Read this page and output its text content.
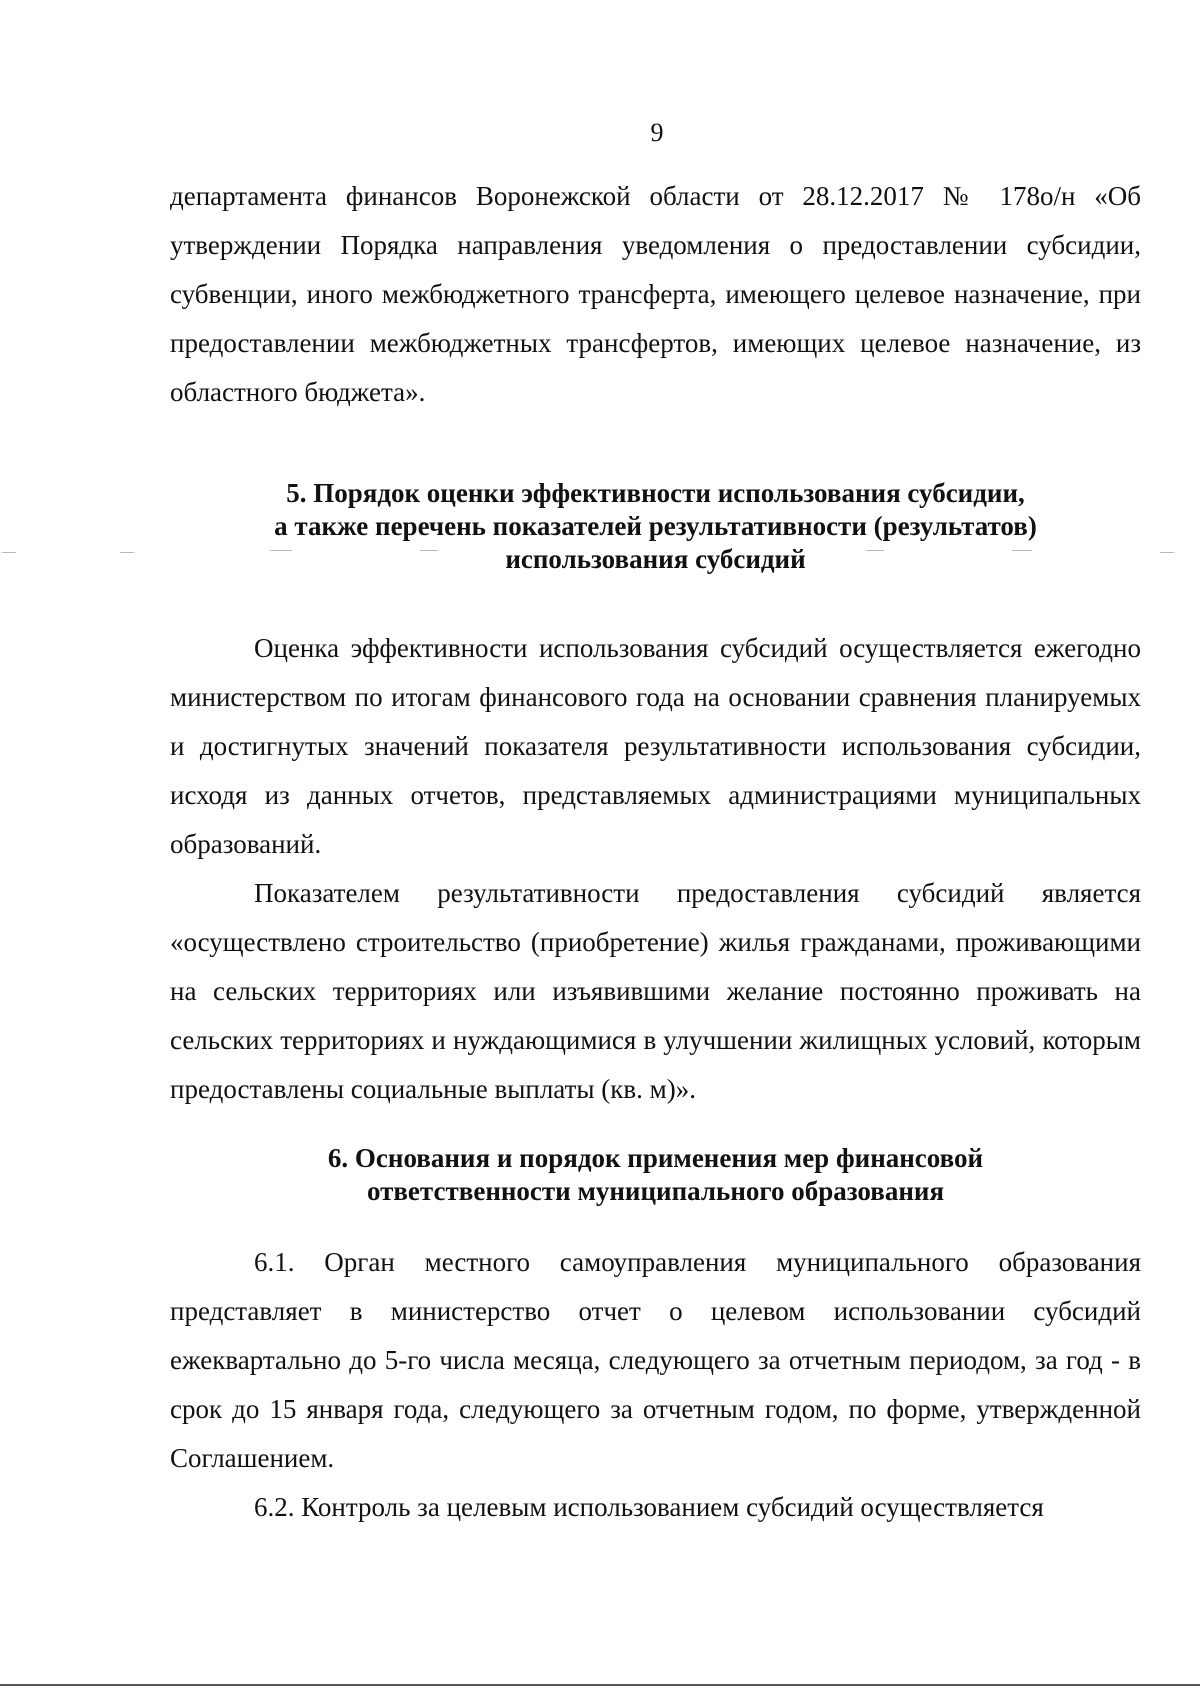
9

департамента финансов Воронежской области от 28.12.2017 № 178о/н «Об утверждении Порядка направления уведомления о предоставлении субсидии, субвенции, иного межбюджетного трансферта, имеющего целевое назначение, при предоставлении межбюджетных трансфертов, имеющих целевое назначение, из областного бюджета».

5. Порядок оценки эффективности использования субсидии,
а также перечень показателей результативности (результатов)
использования субсидий

Оценка эффективности использования субсидий осуществляется ежегодно министерством по итогам финансового года на основании сравнения планируемых и достигнутых значений показателя результативности использования субсидии, исходя из данных отчетов, представляемых администрациями муниципальных образований.

Показателем результативности предоставления субсидий является «осуществлено строительство (приобретение) жилья гражданами, проживающими на сельских территориях или изъявившими желание постоянно проживать на сельских территориях и нуждающимися в улучшении жилищных условий, которым предоставлены социальные выплаты (кв. м)».

6. Основания и порядок применения мер финансовой
ответственности муниципального образования

6.1. Орган местного самоуправления муниципального образования представляет в министерство отчет о целевом использовании субсидий ежеквартально до 5-го числа месяца, следующего за отчетным периодом, за год - в срок до 15 января года, следующего за отчетным годом, по форме, утвержденной Соглашением.

6.2. Контроль за целевым использованием субсидий осуществляется
